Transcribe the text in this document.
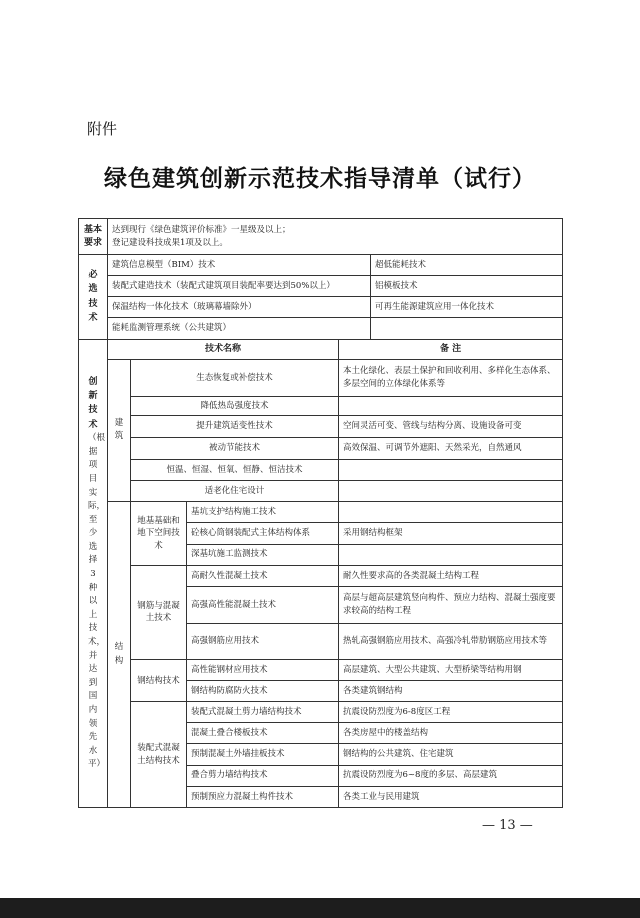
附件
绿色建筑创新示范技术指导清单（试行）
基本要求	达到现行《绿色建筑评价标准》一星级及以上；
登记建设科技成果1项及以上。				

必选技术	建筑信息模型（BIM）技术				超低能耗技术
	装配式建造技术（装配式建筑项目装配率要达到50%以上）				铝模板技术
	保温结构一体化技术（玻璃幕墙除外）				可再生能源建筑应用一体化技术
	能耗监测管理系统（公共建筑）				

创新技术
（根据项目实际，至少选择3种以上技术，并达到国内领先水平）	技术名称			备 注	

	建筑	生态恢复或补偿技术		本土化绿化、表层土保护和回收利用、多样化生态体系、多层空间的立体绿化体系等	
		降低热岛强度技术			
		提升建筑适变性技术		空间灵活可变、管线与结构分离、设施设备可变	
		被动节能技术		高效保温、可调节外遮阳、天然采光，自然通风	
		恒温、恒湿、恒氧、恒静、恒洁技术			
		适老化住宅设计			

	结构	地基基础和地下空间技术	基坑支护结构施工技术		
			砼核心筒钢装配式主体结构体系	采用钢结构框架	
			深基坑施工监测技术		
		钢筋与混凝土技术	高耐久性混凝土技术	耐久性要求高的各类混凝土结构工程	
			高强高性能混凝土技术	高层与超高层建筑竖向构件、预应力结构、混凝土强度要求较高的结构工程	
			高强钢筋应用技术	热轧高强钢筋应用技术、高强冷轧带肋钢筋应用技术等	
		钢结构技术	高性能钢材应用技术	高层建筑、大型公共建筑、大型桥梁等结构用钢	
			钢结构防腐防火技术	各类建筑钢结构	
		装配式混凝土结构技术	装配式混凝土剪力墙结构技术	抗震设防烈度为6-8度区工程	
			混凝土叠合楼板技术	各类房屋中的楼盖结构	
			预制混凝土外墙挂板技术	钢结构的公共建筑、住宅建筑	
			叠合剪力墙结构技术	抗震设防烈度为6~8度的多层、高层建筑	
			预制预应力混凝土构件技术	各类工业与民用建筑	
— 13 —
